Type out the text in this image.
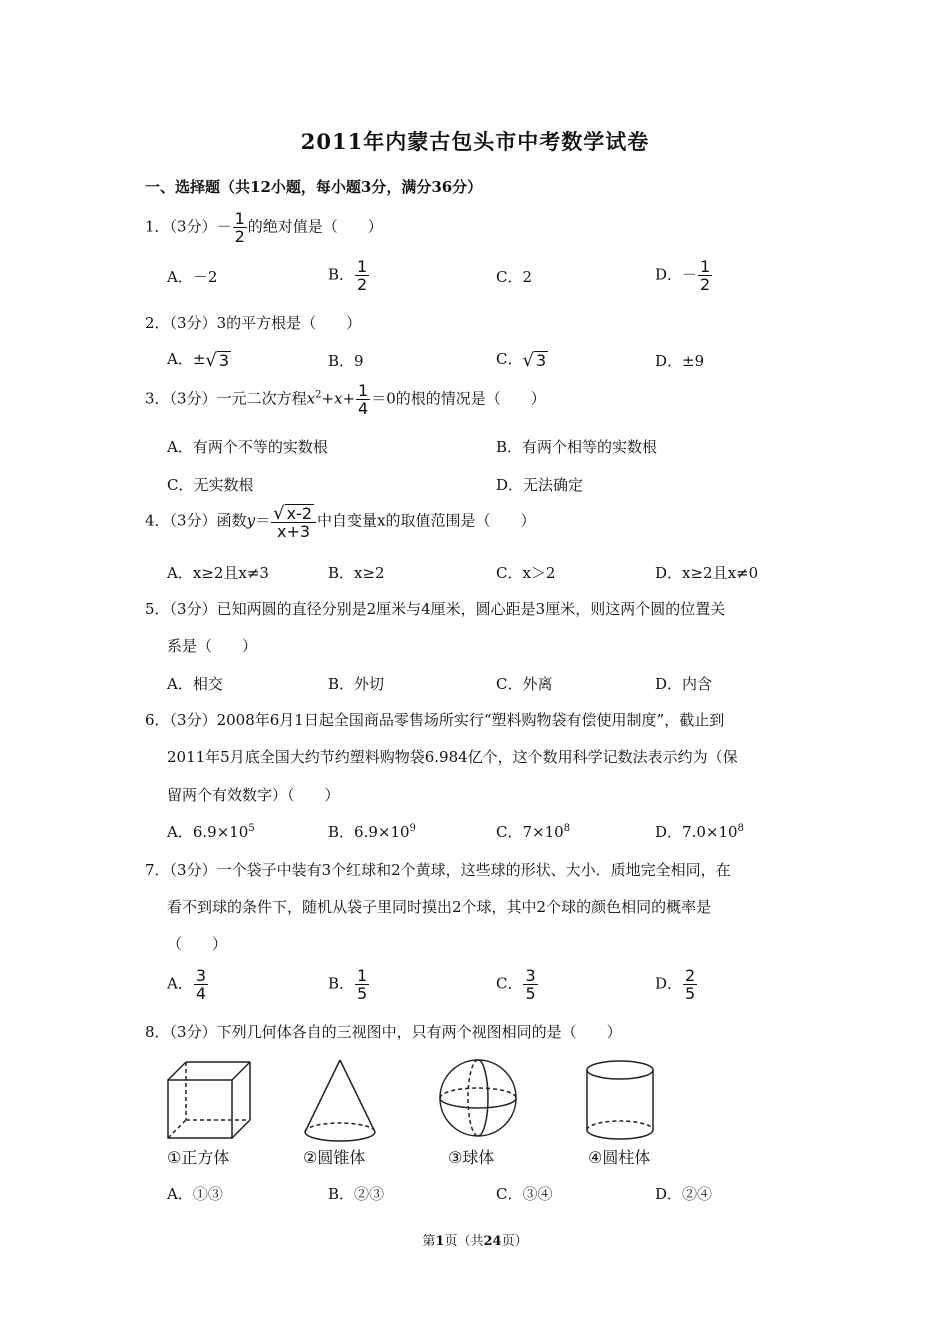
2011年内蒙古包头市中考数学试卷
一、选择题（共12小题，每小题3分，满分36分）
1．（3分）－ $\frac{1}{2}$ 的绝对值是（　　）
A．－2	B． $\frac{1}{2}$	C．2	D．－ $\frac{1}{2}$
2．（3分）3的平方根是（　　）
A．±√ 3	B．9	C．√ 3	D．±9
3．（3分）一元二次方程$x^2+x+ \frac{1}{4} =0$的根的情况是（　　）
A．有两个不等的实数根	B．有两个相等的实数根
C．无实数根	D．无法确定
4．（3分）函数$y= \frac{√ x-2}{x+3}$ 中自变量x的取值范围是（　　）
A．x≥2且x≠3	B．x≥2	C．x＞2	D．x≥2且x≠0
5．（3分）已知两圆的直径分别是2厘米与4厘米，圆心距是3厘米，则这两个圆的位置关
系是（　　）
A．相交	B．外切	C．外离	D．内含
6．（3分）2008年6月1日起全国商品零售场所实行“塑料购物袋有偿使用制度”，截止到
2011年5月底全国大约节约塑料购物袋6.984亿个，这个数用科学记数法表示约为（保
留两个有效数字）（　　）
A．$6.9\times 10^5$	B．$6.9\times 10^9$	C．$7\times 10^8$	D．$7.0\times 10^8$
7．（3分）一个袋子中装有3个红球和2个黄球，这些球的形状、大小．质地完全相同，在
看不到球的条件下，随机从袋子里同时摸出2个球，其中2个球的颜色相同的概率是
（　　）
A． $\frac{3}{4}$	B． $\frac{1}{5}$	C． $\frac{3}{5}$	D． $\frac{2}{5}$
8．（3分）下列几何体各自的三视图中，只有两个视图相同的是（　　）
①正方体	②圆锥体	③球体	④圆柱体
A．①③	B．②③	C．③④	D．②④
第1页（共24页）
